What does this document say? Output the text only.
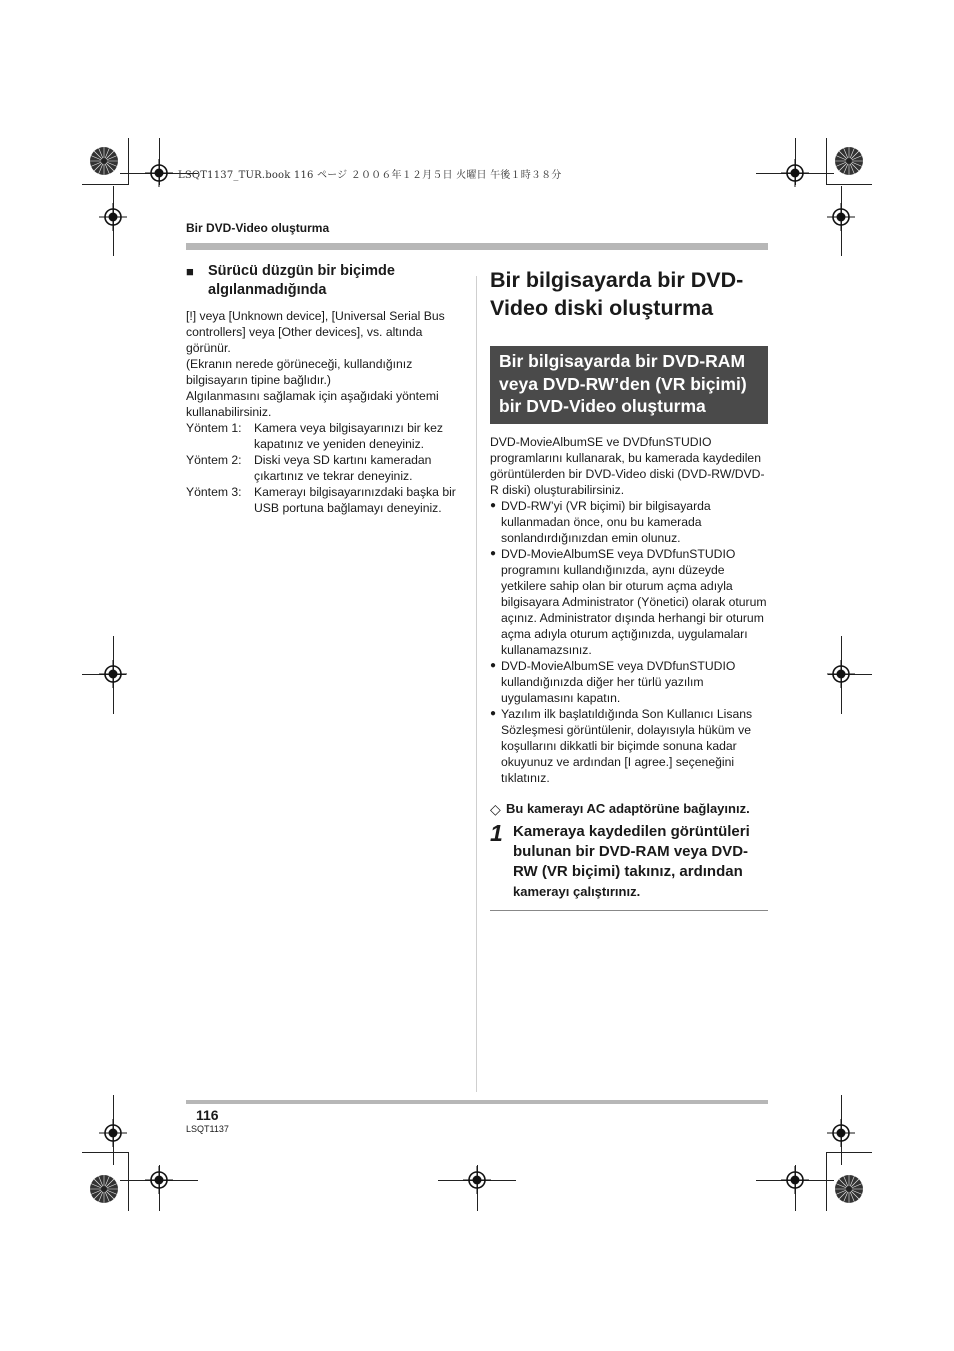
LSQT1137_TUR.book 116 ページ ２００６年１２月５日 火曜日 午後１時３８分
Bir DVD-Video oluşturma
■ Sürücü düzgün bir biçimde algılanmadığında
[!] veya [Unknown device], [Universal Serial Bus controllers] veya [Other devices], vs. altında görünür.
(Ekranın nerede görüneceği, kullandığınız bilgisayarın tipine bağlıdır.)
Algılanmasını sağlamak için aşağıdaki yöntemi kullanabilirsiniz.
Yöntem 1:	Kamera veya bilgisayarınızı bir kez kapatınız ve yeniden deneyiniz.
Yöntem 2:	Diski veya SD kartını kameradan çıkartınız ve tekrar deneyiniz.
Yöntem 3:	Kamerayı bilgisayarınızdaki başka bir USB portuna bağlamayı deneyiniz.
Bir bilgisayarda bir DVD-Video diski oluşturma
Bir bilgisayarda bir DVD-RAM veya DVD-RW’den (VR biçimi) bir DVD-Video oluşturma
DVD-MovieAlbumSE ve DVDfunSTUDIO programlarını kullanarak, bu kamerada kaydedilen görüntülerden bir DVD-Video diski (DVD-RW/DVD-R diski) oluşturabilirsiniz.
● DVD-RW’yi (VR biçimi) bir bilgisayarda kullanmadan önce, onu bu kamerada sonlandırdığınızdan emin olunuz.
● DVD-MovieAlbumSE veya DVDfunSTUDIO programını kullandığınızda, aynı düzeyde yetkilere sahip olan bir oturum açma adıyla bilgisayara Administrator (Yönetici) olarak oturum açınız. Administrator dışında herhangi bir oturum açma adıyla oturum açtığınızda, uygulamaları kullanamazsınız.
● DVD-MovieAlbumSE veya DVDfunSTUDIO kullandığınızda diğer her türlü yazılım uygulamasını kapatın.
● Yazılım ilk başlatıldığında Son Kullanıcı Lisans Sözleşmesi görüntülenir, dolayısıyla hüküm ve koşullarını dikkatli bir biçimde sonuna kadar okuyunuz ve ardından [I agree.] seçeneğini tıklatınız.
◇ Bu kamerayı AC adaptörüne bağlayınız.
1 Kameraya kaydedilen görüntüleri bulunan bir DVD-RAM veya DVD-RW (VR biçimi) takınız, ardından
kamerayı çalıştırınız.
116
LSQT1137
